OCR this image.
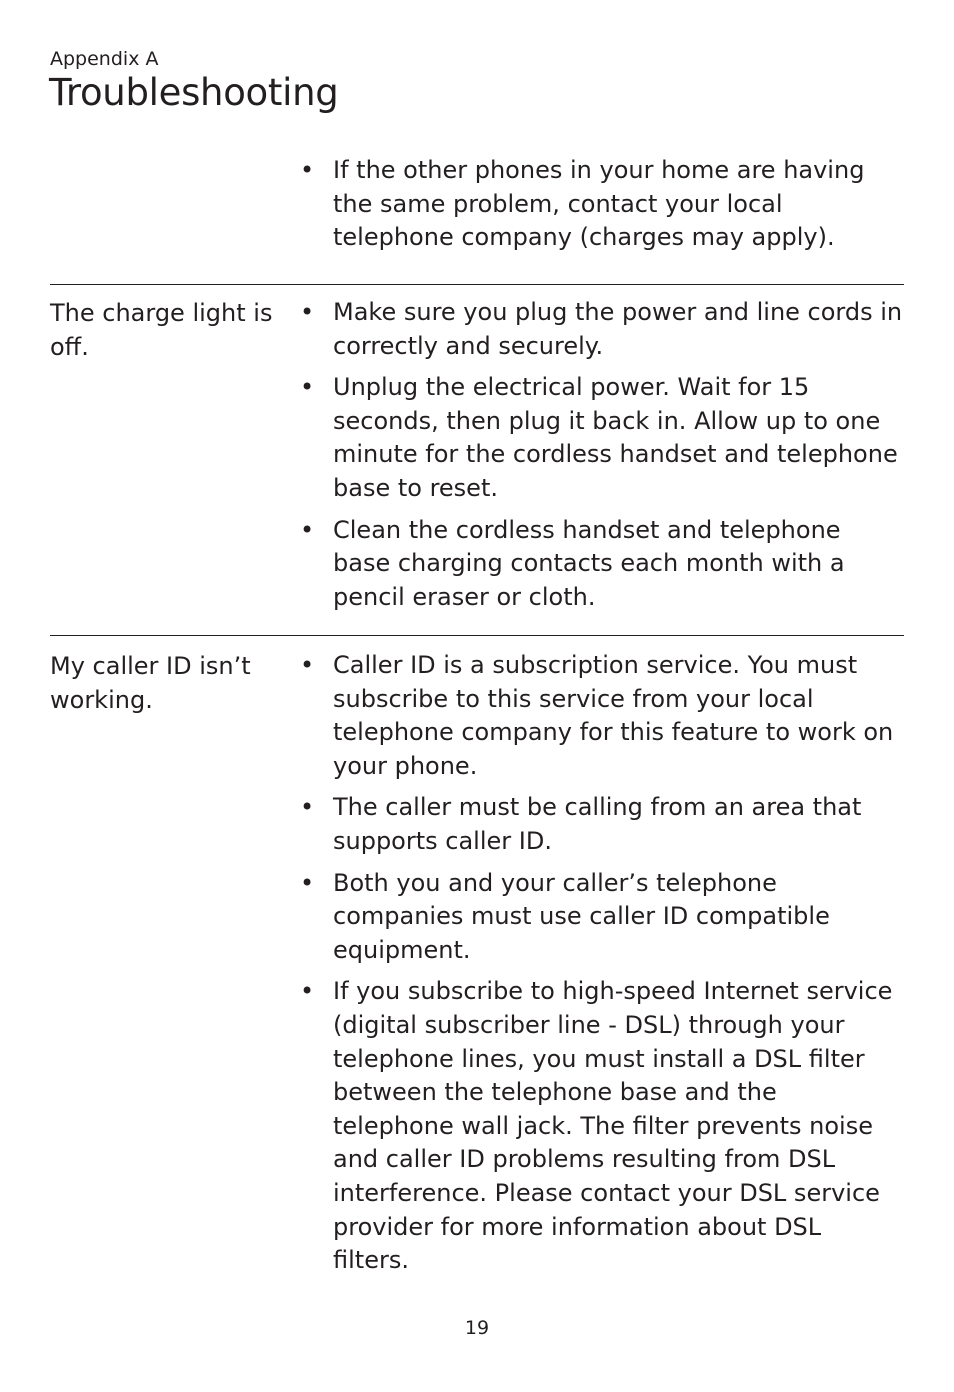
Appendix A
Troubleshooting
• If the other phones in your home are having the same problem, contact your local telephone company (charges may apply).
The charge light is off.
• Make sure you plug the power and line cords in correctly and securely.
• Unplug the electrical power. Wait for 15 seconds, then plug it back in. Allow up to one minute for the cordless handset and telephone base to reset.
• Clean the cordless handset and telephone base charging contacts each month with a pencil eraser or cloth.
My caller ID isn’t working.
• Caller ID is a subscription service. You must subscribe to this service from your local telephone company for this feature to work on your phone.
• The caller must be calling from an area that supports caller ID.
• Both you and your caller’s telephone companies must use caller ID compatible equipment.
• If you subscribe to high-speed Internet service (digital subscriber line - DSL) through your telephone lines, you must install a DSL filter between the telephone base and the telephone wall jack. The filter prevents noise and caller ID problems resulting from DSL interference. Please contact your DSL service provider for more information about DSL filters.
19
